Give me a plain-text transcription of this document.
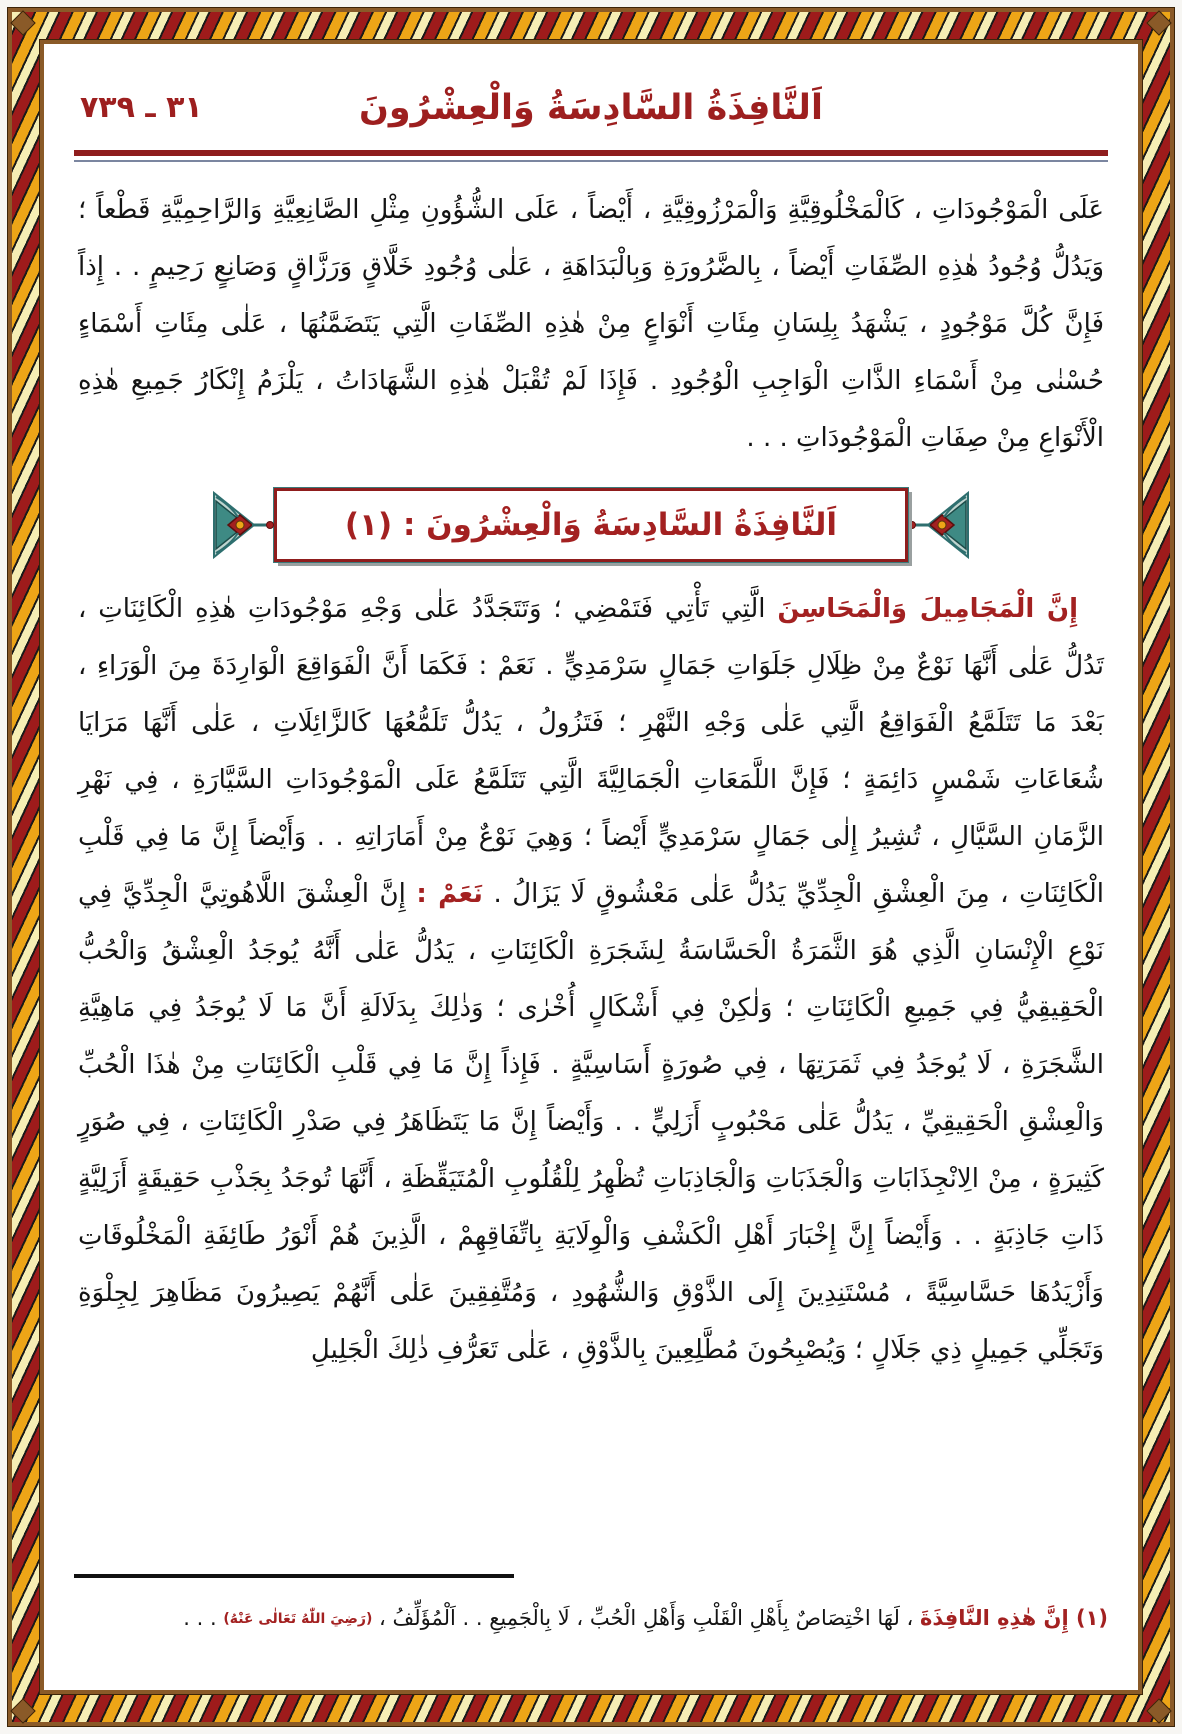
اَلنَّافِذَةُ السَّادِسَةُ وَالْعِشْرُونَ
٣١ ـ ٧٣٩

عَلَى الْمَوْجُودَاتِ ، كَالْمَخْلُوقِيَّةِ وَالْمَرْزُوقِيَّةِ ، أَيْضاً ، عَلَى الشُّؤُونِ مِثْلِ الصَّانِعِيَّةِ وَالرَّاحِمِيَّةِ قَطْعاً ؛ وَيَدُلُّ وُجُودُ هٰذِهِ الصِّفَاتِ أَيْضاً ، بِالضَّرُورَةِ وَبِالْبَدَاهَةِ ، عَلٰى وُجُودِ خَلَّاقٍ وَرَزَّاقٍ وَصَانِعٍ رَحِيمٍ . . إِذاً فَإِنَّ كُلَّ مَوْجُودٍ ، يَشْهَدُ بِلِسَانِ مِئَاتِ أَنْوَاعٍ مِنْ هٰذِهِ الصِّفَاتِ الَّتِي يَتَضَمَّنُهَا ، عَلٰى مِئَاتِ أَسْمَاءٍ حُسْنٰى مِنْ أَسْمَاءِ الذَّاتِ الْوَاجِبِ الْوُجُودِ . فَإِذَا لَمْ تُقْبَلْ هٰذِهِ الشَّهَادَاتُ ، يَلْزَمُ إِنْكَارُ جَمِيعِ هٰذِهِ الْأَنْوَاعِ مِنْ صِفَاتِ الْمَوْجُودَاتِ . . .

اَلنَّافِذَةُ السَّادِسَةُ وَالْعِشْرُونَ : (١)

إِنَّ الْمَجَامِيلَ وَالْمَحَاسِنَ الَّتِي تَأْتِي فَتَمْضِي ؛ وَتَتَجَدَّدُ عَلٰى وَجْهِ مَوْجُودَاتِ هٰذِهِ الْكَائِنَاتِ ، تَدُلُّ عَلٰى أَنَّهَا نَوْعٌ مِنْ ظِلَالِ جَلَوَاتِ جَمَالٍ سَرْمَدِيٍّ . نَعَمْ : فَكَمَا أَنَّ الْفَوَاقِعَ الْوَارِدَةَ مِنَ الْوَرَاءِ ، بَعْدَ مَا تَتَلَمَّعُ الْفَوَاقِعُ الَّتِي عَلٰى وَجْهِ النَّهْرِ ؛ فَتَزُولُ ، يَدُلُّ تَلَمُّعُهَا كَالزَّائِلَاتِ ، عَلٰى أَنَّهَا مَرَايَا شُعَاعَاتِ شَمْسٍ دَائِمَةٍ ؛ فَإِنَّ اللَّمَعَاتِ الْجَمَالِيَّةَ الَّتِي تَتَلَمَّعُ عَلَى الْمَوْجُودَاتِ السَّيَّارَةِ ، فِي نَهْرِ الزَّمَانِ السَّيَّالِ ، تُشِيرُ إِلٰى جَمَالٍ سَرْمَدِيٍّ أَيْضاً ؛ وَهِيَ نَوْعٌ مِنْ أَمَارَاتِهِ . . وَأَيْضاً إِنَّ مَا فِي قَلْبِ الْكَائِنَاتِ ، مِنَ الْعِشْقِ الْجِدِّيِّ يَدُلُّ عَلٰى مَعْشُوقٍ لَا يَزَالُ . نَعَمْ : إِنَّ الْعِشْقَ اللَّاهُوتِيَّ الْجِدِّيَّ فِي نَوْعِ الْإِنْسَانِ الَّذِي هُوَ الثَّمَرَةُ الْحَسَّاسَةُ لِشَجَرَةِ الْكَائِنَاتِ ، يَدُلُّ عَلٰى أَنَّهُ يُوجَدُ الْعِشْقُ وَالْحُبُّ الْحَقِيقِيُّ فِي جَمِيعِ الْكَائِنَاتِ ؛ وَلٰكِنْ فِي أَشْكَالٍ أُخْرٰى ؛ وَذٰلِكَ بِدَلَالَةِ أَنَّ مَا لَا يُوجَدُ فِي مَاهِيَّةِ الشَّجَرَةِ ، لَا يُوجَدُ فِي ثَمَرَتِهَا ، فِي صُورَةٍ أَسَاسِيَّةٍ . فَإِذاً إِنَّ مَا فِي قَلْبِ الْكَائِنَاتِ مِنْ هٰذَا الْحُبِّ وَالْعِشْقِ الْحَقِيقِيِّ ، يَدُلُّ عَلٰى مَحْبُوبٍ أَزَلِيٍّ . . وَأَيْضاً إِنَّ مَا يَتَظَاهَرُ فِي صَدْرِ الْكَائِنَاتِ ، فِي صُوَرٍ كَثِيرَةٍ ، مِنْ الِانْجِذَابَاتِ وَالْجَذَبَاتِ وَالْجَاذِبَاتِ تُظْهِرُ لِلْقُلُوبِ الْمُتَيَقِّظَةِ ، أَنَّهَا تُوجَدُ بِجَذْبِ حَقِيقَةٍ أَزَلِيَّةٍ ذَاتِ جَاذِبَةٍ . . وَأَيْضاً إِنَّ إِخْبَارَ أَهْلِ الْكَشْفِ وَالْوِلَايَةِ بِاتِّفَاقِهِمْ ، الَّذِينَ هُمْ أَنْوَرُ طَائِفَةِ الْمَخْلُوقَاتِ وَأَزْيَدُهَا حَسَّاسِيَّةً ، مُسْتَنِدِينَ إِلَى الذَّوْقِ وَالشُّهُودِ ، وَمُتَّفِقِينَ عَلٰى أَنَّهُمْ يَصِيرُونَ مَظَاهِرَ لِجِلْوَةِ وَتَجَلِّي جَمِيلٍ ذِي جَلَالٍ ؛ وَيُصْبِحُونَ مُطَّلِعِينَ بِالذَّوْقِ ، عَلٰى تَعَرُّفِ ذٰلِكَ الْجَلِيلِ

(١) إِنَّ هٰذِهِ النَّافِذَةَ ، لَهَا اخْتِصَاصٌ بِأَهْلِ الْقَلْبِ وَأَهْلِ الْحُبِّ ، لَا بِالْجَمِيعِ . . اَلْمُؤَلِّفُ ، (رَضِيَ اللّٰهُ تَعَالٰى عَنْهُ) . . .
